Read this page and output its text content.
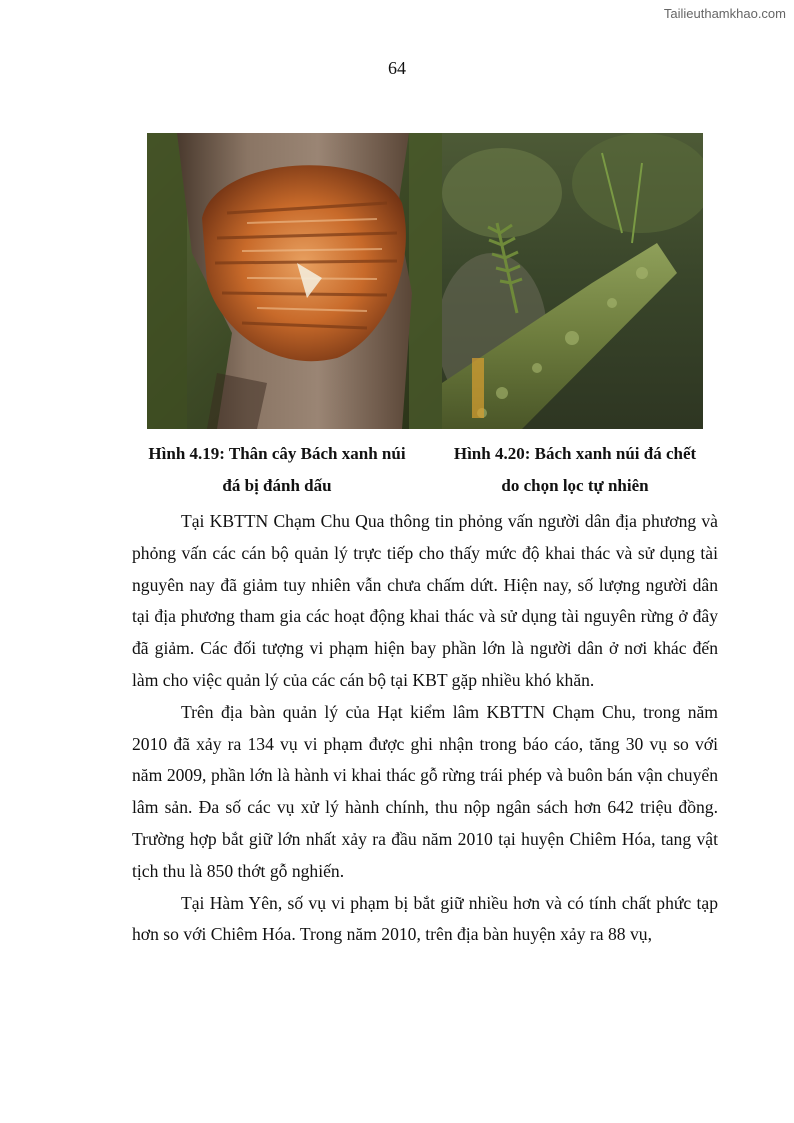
Tailieuthamkhao.com
64
Hình 4.19: Thân cây Bách xanh núi
đá bị đánh dấu
Hình 4.20: Bách xanh núi đá chết
do chọn lọc tự nhiên

Tại KBTTN Chạm Chu Qua thông tin phỏng vấn người dân địa phương và phỏng vấn các cán bộ quản lý trực tiếp cho thấy mức độ khai thác và sử dụng tài nguyên nay đã giảm tuy nhiên vẫn chưa chấm dứt. Hiện nay, số lượng người dân tại địa phương tham gia các hoạt động khai thác và sử dụng tài nguyên rừng ở đây đã giảm. Các đối tượng vi phạm hiện bay phần lớn là người dân ở nơi khác đến làm cho việc quản lý của các cán bộ tại KBT gặp nhiều khó khăn.

Trên địa bàn quản lý của Hạt kiểm lâm KBTTN Chạm Chu, trong năm 2010 đã xảy ra 134 vụ vi phạm được ghi nhận trong báo cáo, tăng 30 vụ so với năm 2009, phần lớn là hành vi khai thác gỗ rừng trái phép và buôn bán vận chuyển lâm sản. Đa số các vụ xử lý hành chính, thu nộp ngân sách hơn 642 triệu đồng. Trường hợp bắt giữ lớn nhất xảy ra đầu năm 2010 tại huyện Chiêm Hóa, tang vật tịch thu là 850 thớt gỗ nghiến.

Tại Hàm Yên, số vụ vi phạm bị bắt giữ nhiều hơn và có tính chất phức tạp hơn so với Chiêm Hóa. Trong năm 2010, trên địa bàn huyện xảy ra 88 vụ,
